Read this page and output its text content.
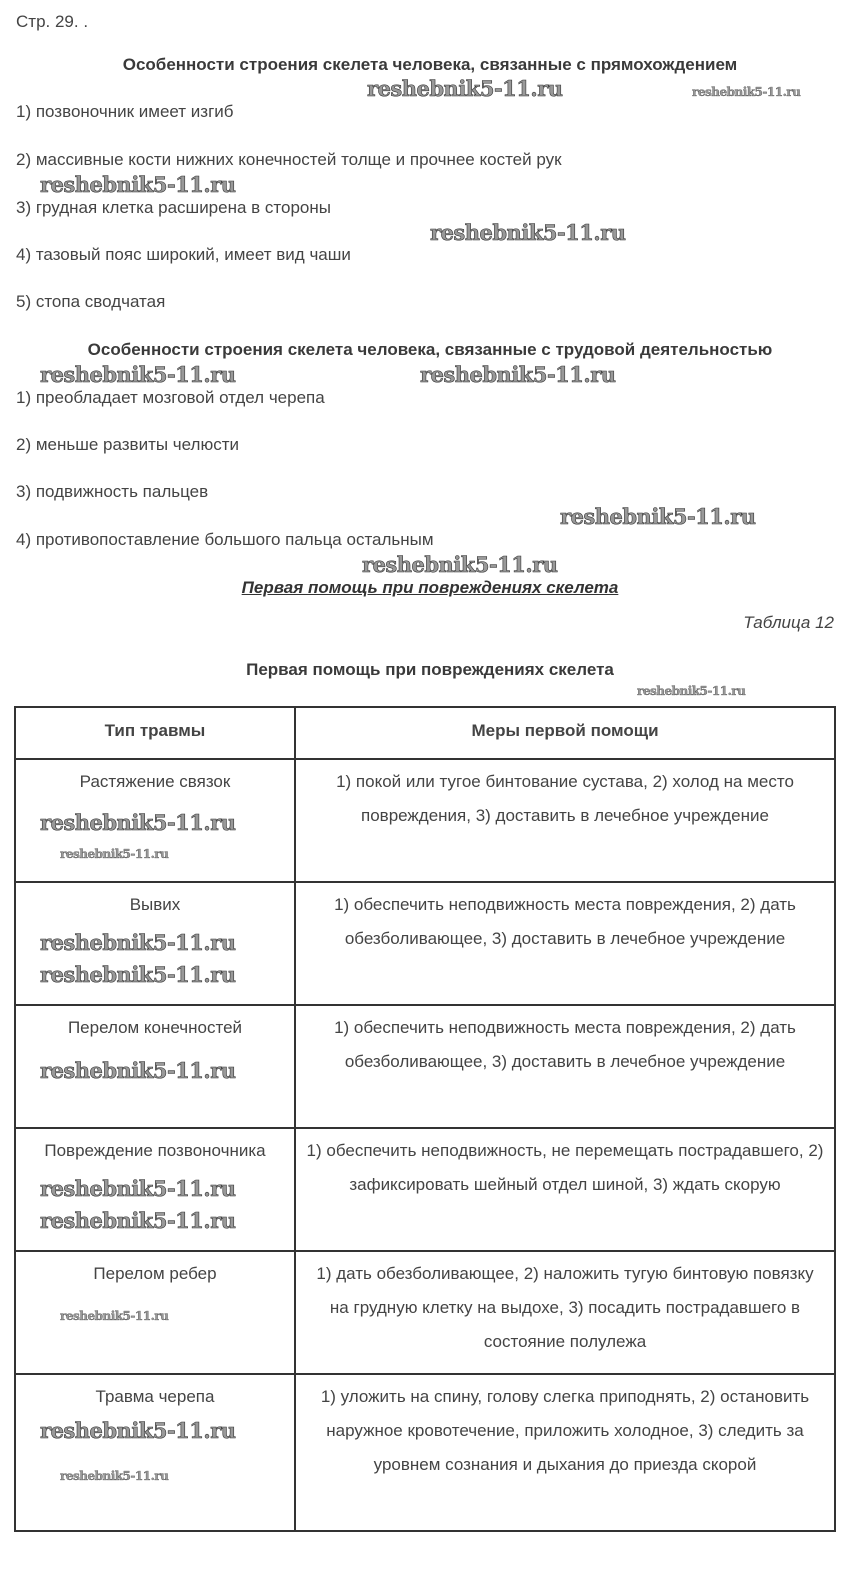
Стр. 29. .
Особенности строения скелета человека, связанные с прямохождением
1) позвоночник имеет изгиб
2) массивные кости нижних конечностей толще и прочнее костей рук
3) грудная клетка расширена в стороны
4) тазовый пояс широкий, имеет вид чаши
5) стопа сводчатая
Особенности строения скелета человека, связанные с трудовой деятельностью
1) преобладает мозговой отдел черепа
2) меньше развиты челюсти
3) подвижность пальцев
4) противопоставление большого пальца остальным
Первая помощь при повреждениях скелета
Таблица 12
Первая помощь при повреждениях скелета
Тип травмы	Меры первой помощи
Растяжение связок	1) покой или тугое бинтование сустава, 2) холод на место повреждения, 3) доставить в лечебное учреждение
Вывих	1) обеспечить неподвижность места повреждения, 2) дать обезболивающее, 3) доставить в лечебное учреждение
Перелом конечностей	1) обеспечить неподвижность места повреждения, 2) дать обезболивающее, 3) доставить в лечебное учреждение
Повреждение позвоночника	1) обеспечить неподвижность, не перемещать пострадавшего, 2) зафиксировать шейный отдел шиной, 3) ждать скорую
Перелом ребер	1) дать обезболивающее, 2) наложить тугую бинтовую повязку на грудную клетку на выдохе, 3) посадить пострадавшего в состояние полулежа
Травма черепа	1) уложить на спину, голову слегка приподнять, 2) остановить наружное кровотечение, приложить холодное, 3) следить за уровнем сознания и дыхания до приезда скорой
reshebnik5-11.ru	reshebnik5-11.ru
reshebnik5-11.ru
reshebnik5-11.ru
reshebnik5-11.ru	reshebnik5-11.ru
reshebnik5-11.ru
reshebnik5-11.ru
reshebnik5-11.ru
reshebnik5-11.ru
reshebnik5-11.ru
reshebnik5-11.ru
reshebnik5-11.ru
reshebnik5-11.ru
reshebnik5-11.ru
reshebnik5-11.ru
reshebnik5-11.ru
reshebnik5-11.ru
reshebnik5-11.ru
